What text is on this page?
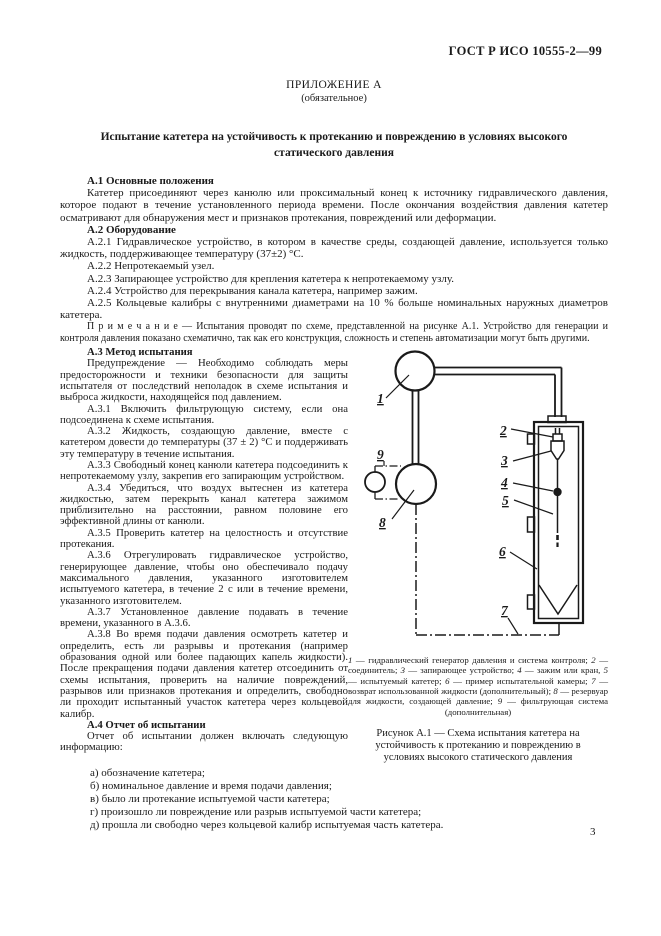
ГОСТ Р ИСО 10555-2—99
ПРИЛОЖЕНИЕ А
(обязательное)
Испытание катетера на устойчивость к протеканию и повреждению в условиях высокого статического давления

А.1 Основные положения

Катетер присоединяют через канюлю или проксимальный конец к источнику гидравлического давления, которое подают в течение установленного периода времени. После окончания воздействия давления катетер осматривают для обнаружения мест и признаков протекания, повреждений или деформации.

А.2 Оборудование

А.2.1 Гидравлическое устройство, в котором в качестве среды, создающей давление, используется только жидкость, поддерживающее температуру (37±2) °С.

А.2.2 Непротекаемый узел.

А.2.3 Запирающее устройство для крепления катетера к непротекаемому узлу.

А.2.4 Устройство для перекрывания канала катетера, например зажим.

А.2.5 Кольцевые калибры с внутренними диаметрами на 10 % больше номинальных наружных диаметров катетера.

П р и м е ч а н и е — Испытания проводят по схеме, представленной на рисунке А.1. Устройство для генерации и контроля давления показано схематично, так как его конструкция, сложность и степень автоматизации могут быть другими.

А.3 Метод испытания

Предупреждение — Необходимо соблюдать меры предосторожности и техники безопасности для защиты испытателя от последствий неполадок в схеме испытания и выброса жидкости, находящейся под давлением.

А.3.1 Включить фильтрующую систему, если она подсоединена к схеме испытания.

А.3.2 Жидкость, создающую давление, вместе с катетером довести до температуры (37 ± 2) °С и поддерживать эту температуру в течение испытания.

А.3.3 Свободный конец канюли катетера подсоединить к непротекаемому узлу, закрепив его запирающим устройством.

А.3.4 Убедиться, что воздух вытеснен из катетера жидкостью, затем перекрыть канал катетера зажимом приблизительно на расстоянии, равном половине его эффективной длины от канюли.

А.3.5 Проверить катетер на целостность и отсутствие протекания.

А.3.6 Отрегулировать гидравлическое устройство, генерирующее давление, чтобы оно обеспечивало подачу максимального давления, указанного изготовителем испытуемого катетера, в течение 2 с или в течение времени, указанного изготовителем.

А.3.7 Установленное давление подавать в течение времени, указанного в А.3.6.

А.3.8 Во время подачи давления осмотреть катетер и определить, есть ли разрывы и протекания (например образования одной или более падающих капель жидкости). После прекращения подачи давления катетер отсоединить от схемы испытания, проверить на наличие повреждений, разрывов или признаков протекания и определить, свободно ли проходит испытанный участок катетера через кольцевой калибр.

А.4 Отчет об испытании

Отчет об испытании должен включать следующую информацию:

1
2
3
4
5
6
7
8
9
1 — гидравлический генератор давления и система контроля; 2 — соединитель; 3 — запирающее устройство; 4 — зажим или кран, 5 — испытуемый катетер; 6 — пример испытательной камеры; 7 — возврат использованной жидкости (дополнительный); 8 — резервуар для жидкости, создающей давление; 9 — фильтрующая система (дополнительная)
Рисунок А.1 — Схема испытания катетера на устойчивость к протеканию и повреждению в условиях высокого статического давления

а) обозначение катетера;

б) номинальное давление и время подачи давления;

в) было ли протекание испытуемой части катетера;

г) произошло ли повреждение или разрыв испытуемой части катетера;

д) прошла ли свободно через кольцевой калибр испытуемая часть катетера.

3
